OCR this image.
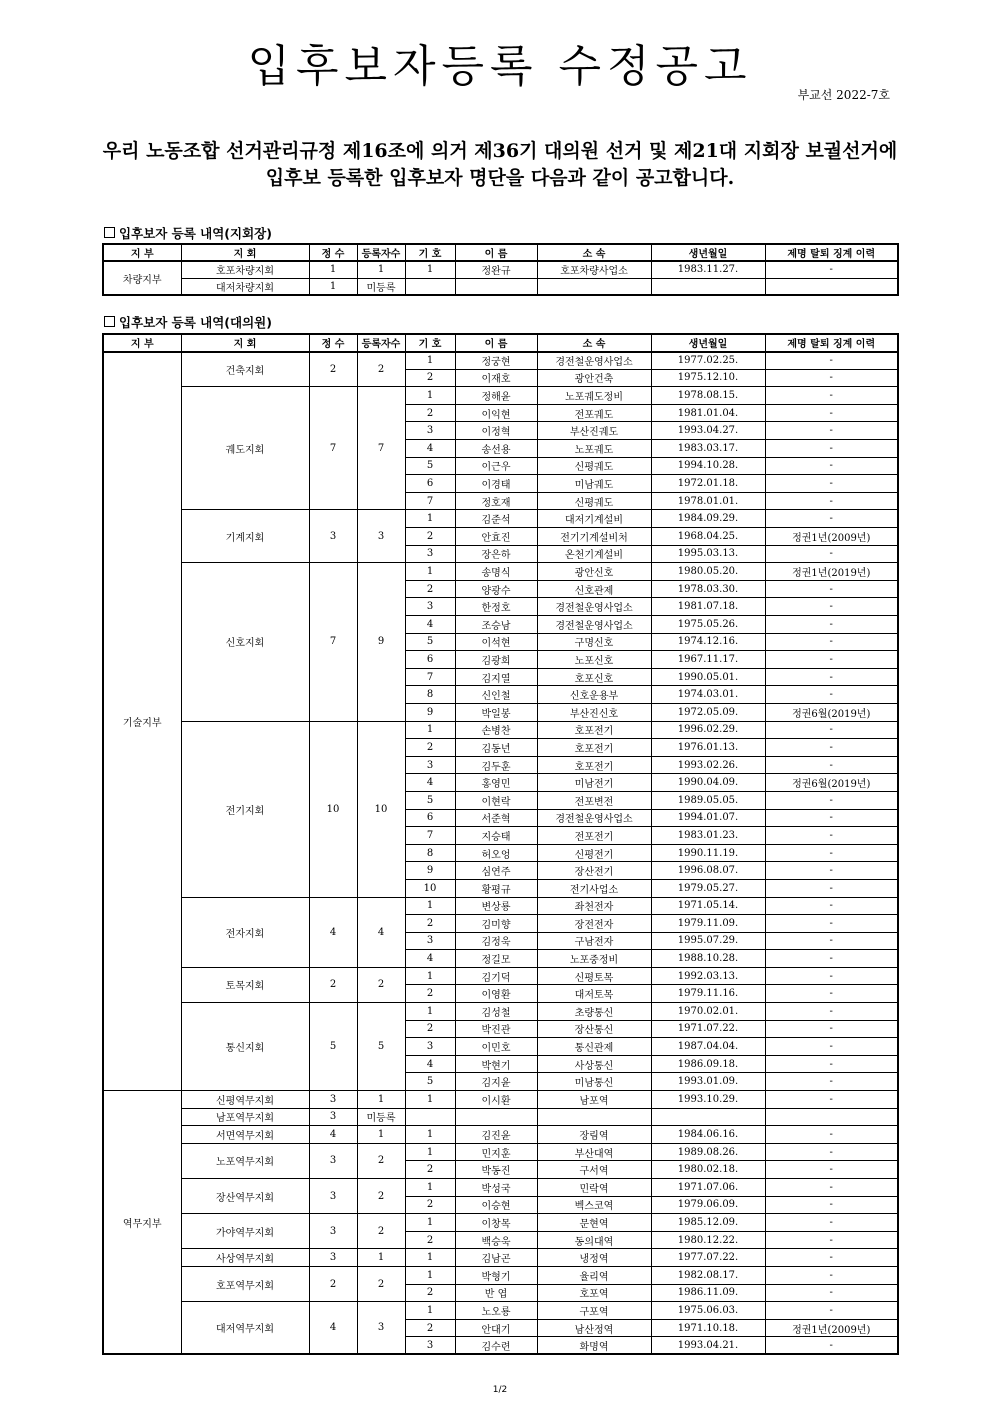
입후보자등록 수정공고
부교선 2022-7호
우리 노동조합 선거관리규정 제16조에 의거 제36기 대의원 선거 및 제21대 지회장 보궐선거에 입후보 등록한 입후보자 명단을 다음과 같이 공고합니다.
입후보자 등록 내역(지회장)
지 부	지 회	정 수	등록자수	기 호	이 름	소 속	생년월일	제명 탈퇴 징계 이력
차량지부	호포차량지회	1	1	1	정완규	호포차량사업소	1983.11.27.	-
	대저차량지회	1	미등록					
입후보자 등록 내역(대의원)
지 부	지 회	정 수	등록자수	기 호	이 름	소 속	생년월일	제명 탈퇴 징계 이력
기술지부	건축지회	2	2	1	정궁현	경전철운영사업소	1977.02.25.	-
				2	이재호	광안건축	1975.12.10.	-
	궤도지회	7	7	1	정해윤	노포궤도정비	1978.08.15.	-
				2	이익현	전포궤도	1981.01.04.	-
				3	이정혁	부산진궤도	1993.04.27.	-
				4	송선용	노포궤도	1983.03.17.	-
				5	이근우	신평궤도	1994.10.28.	-
				6	이경태	미남궤도	1972.01.18.	-
				7	정호재	신평궤도	1978.01.01.	-
	기계지회	3	3	1	김준석	대저기계설비	1984.09.29.	-
				2	안효진	전기기계설비처	1968.04.25.	정권1년(2009년)
				3	장은하	온천기계설비	1995.03.13.	-
	신호지회	7	9	1	송명식	광안신호	1980.05.20.	정권1년(2019년)
				2	양광수	신호관제	1978.03.30.	-
				3	한정호	경전철운영사업소	1981.07.18.	-
				4	조승남	경전철운영사업소	1975.05.26.	-
				5	이석현	구명신호	1974.12.16.	-
				6	김광희	노포신호	1967.11.17.	-
				7	김지열	호포신호	1990.05.01.	-
				8	신인철	신호운용부	1974.03.01.	-
				9	박일봉	부산진신호	1972.05.09.	정권6월(2019년)
	전기지회	10	10	1	손병찬	호포전기	1996.02.29.	-
				2	김동년	호포전기	1976.01.13.	-
				3	김두훈	호포전기	1993.02.26.	-
				4	홍영민	미남전기	1990.04.09.	정권6월(2019년)
				5	이현락	전포변전	1989.05.05.	-
				6	서준혁	경전철운영사업소	1994.01.07.	-
				7	지승태	전포전기	1983.01.23.	-
				8	허오엉	신평전기	1990.11.19.	-
				9	심연주	장산전기	1996.08.07.	-
				10	황평규	전기사업소	1979.05.27.	-
	전자지회	4	4	1	변상룡	좌천전자	1971.05.14.	-
				2	김미향	장전전자	1979.11.09.	-
				3	김정욱	구남전자	1995.07.29.	-
				4	정길모	노포중정비	1988.10.28.	-
	토목지회	2	2	1	김기덕	신평토목	1992.03.13.	-
				2	이영환	대저토목	1979.11.16.	-
	통신지회	5	5	1	김성철	초량통신	1970.02.01.	-
				2	박진관	장산통신	1971.07.22.	-
				3	이민호	통신관제	1987.04.04.	-
				4	박현기	사상통신	1986.09.18.	-
				5	김지윤	미남통신	1993.01.09.	-
역무지부	신평역무지회	3	1	1	이시환	남포역	1993.10.29.	-
	남포역무지회	3	미등록					
	서면역무지회	4	1	1	김진윤	장림역	1984.06.16.	-
	노포역무지회	3	2	1	민지훈	부산대역	1989.08.26.	-
				2	박동진	구서역	1980.02.18.	-
	장산역무지회	3	2	1	박성국	민락역	1971.07.06.	-
				2	이승현	벡스코역	1979.06.09.	-
	가야역무지회	3	2	1	이창목	문현역	1985.12.09.	-
				2	백승욱	동의대역	1980.12.22.	-
	사상역무지회	3	1	1	김남곤	냉정역	1977.07.22.	-
	호포역무지회	2	2	1	박형기	율리역	1982.08.17.	-
				2	반 엽	호포역	1986.11.09.	-
	대저역무지회	4	3	1	노오룡	구포역	1975.06.03.	-
				2	안대기	남산정역	1971.10.18.	정권1년(2009년)
				3	김수련	화명역	1993.04.21.	-
1/2
